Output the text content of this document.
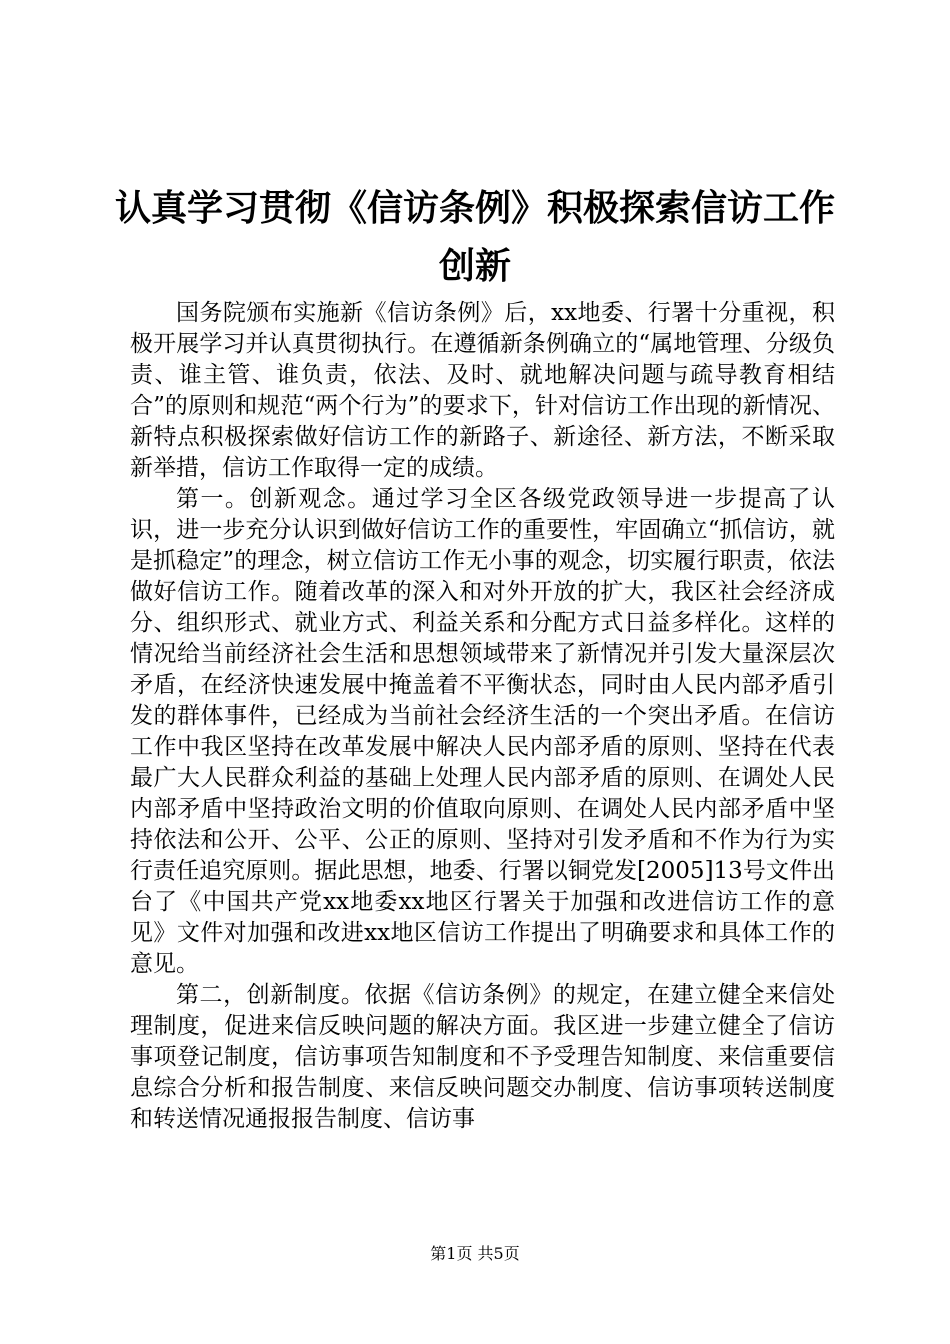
认真学习贯彻《信访条例》积极探索信访工作
创新

国务院颁布实施新《信访条例》后，xx地委、行署十分重视，积极开展学习并认真贯彻执行。在遵循新条例确立的“属地管理、分级负责、谁主管、谁负责，依法、及时、就地解决问题与疏导教育相结合”的原则和规范“两个行为”的要求下，针对信访工作出现的新情况、新特点积极探索做好信访工作的新路子、新途径、新方法，不断采取新举措，信访工作取得一定的成绩。

第一。创新观念。通过学习全区各级党政领导进一步提高了认识，进一步充分认识到做好信访工作的重要性，牢固确立“抓信访，就是抓稳定”的理念，树立信访工作无小事的观念，切实履行职责，依法做好信访工作。随着改革的深入和对外开放的扩大，我区社会经济成分、组织形式、就业方式、利益关系和分配方式日益多样化。这样的情况给当前经济社会生活和思想领域带来了新情况并引发大量深层次矛盾，在经济快速发展中掩盖着不平衡状态，同时由人民内部矛盾引发的群体事件，已经成为当前社会经济生活的一个突出矛盾。在信访工作中我区坚持在改革发展中解决人民内部矛盾的原则、坚持在代表最广大人民群众利益的基础上处理人民内部矛盾的原则、在调处人民内部矛盾中坚持政治文明的价值取向原则、在调处人民内部矛盾中坚持依法和公开、公平、公正的原则、坚持对引发矛盾和不作为行为实行责任追究原则。据此思想，地委、行署以铜党发[2005]13号文件出台了《中国共产党xx地委xx地区行署关于加强和改进信访工作的意见》文件对加强和改进xx地区信访工作提出了明确要求和具体工作的意见。

第二，创新制度。依据《信访条例》的规定，在建立健全来信处理制度，促进来信反映问题的解决方面。我区进一步建立健全了信访事项登记制度，信访事项告知制度和不予受理告知制度、来信重要信息综合分析和报告制度、来信反映问题交办制度、信访事项转送制度和转送情况通报报告制度、信访事

第1页 共5页
